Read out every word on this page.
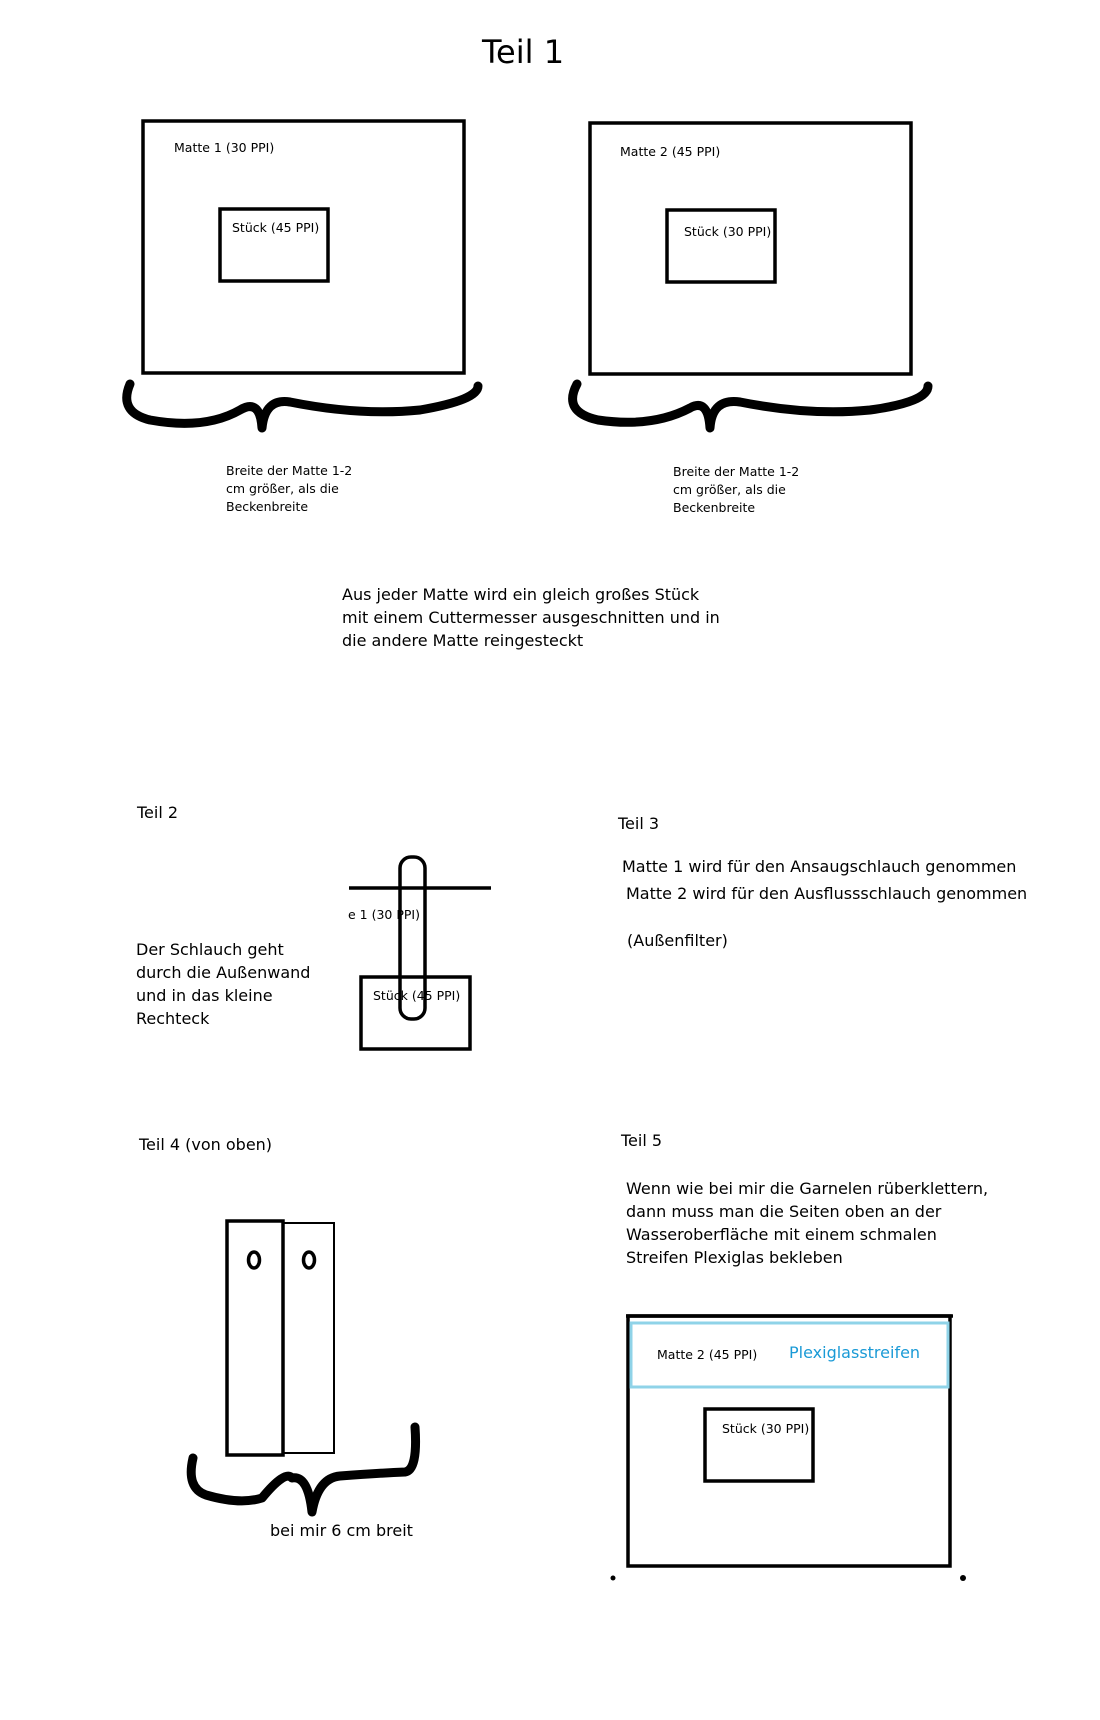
Teil 1
Matte 1 (30 PPI)
Stück (45 PPI)
Matte 2 (45 PPI)
Stück (30 PPI)
Breite der Matte 1-2
cm größer, als die
Beckenbreite
Breite der Matte 1-2
cm größer, als die
Beckenbreite
Aus jeder Matte wird ein gleich großes Stück
mit einem Cuttermesser ausgeschnitten und in
die andere Matte reingesteckt
Teil 2
Der Schlauch geht
durch die Außenwand
und in das kleine
Rechteck
e 1 (30 PPI)
Stück (45 PPI)
Teil 3
Matte 1 wird für den Ansaugschlauch genommen
Matte 2 wird für den Ausflussschlauch genommen
(Außenfilter)
Teil 4 (von oben)
bei mir 6 cm breit
Teil 5
Wenn wie bei mir die Garnelen rüberklettern,
dann muss man die Seiten oben an der
Wasseroberfläche mit einem schmalen
Streifen Plexiglas bekleben
Matte 2 (45 PPI) Plexiglasstreifen
Stück (30 PPI)
